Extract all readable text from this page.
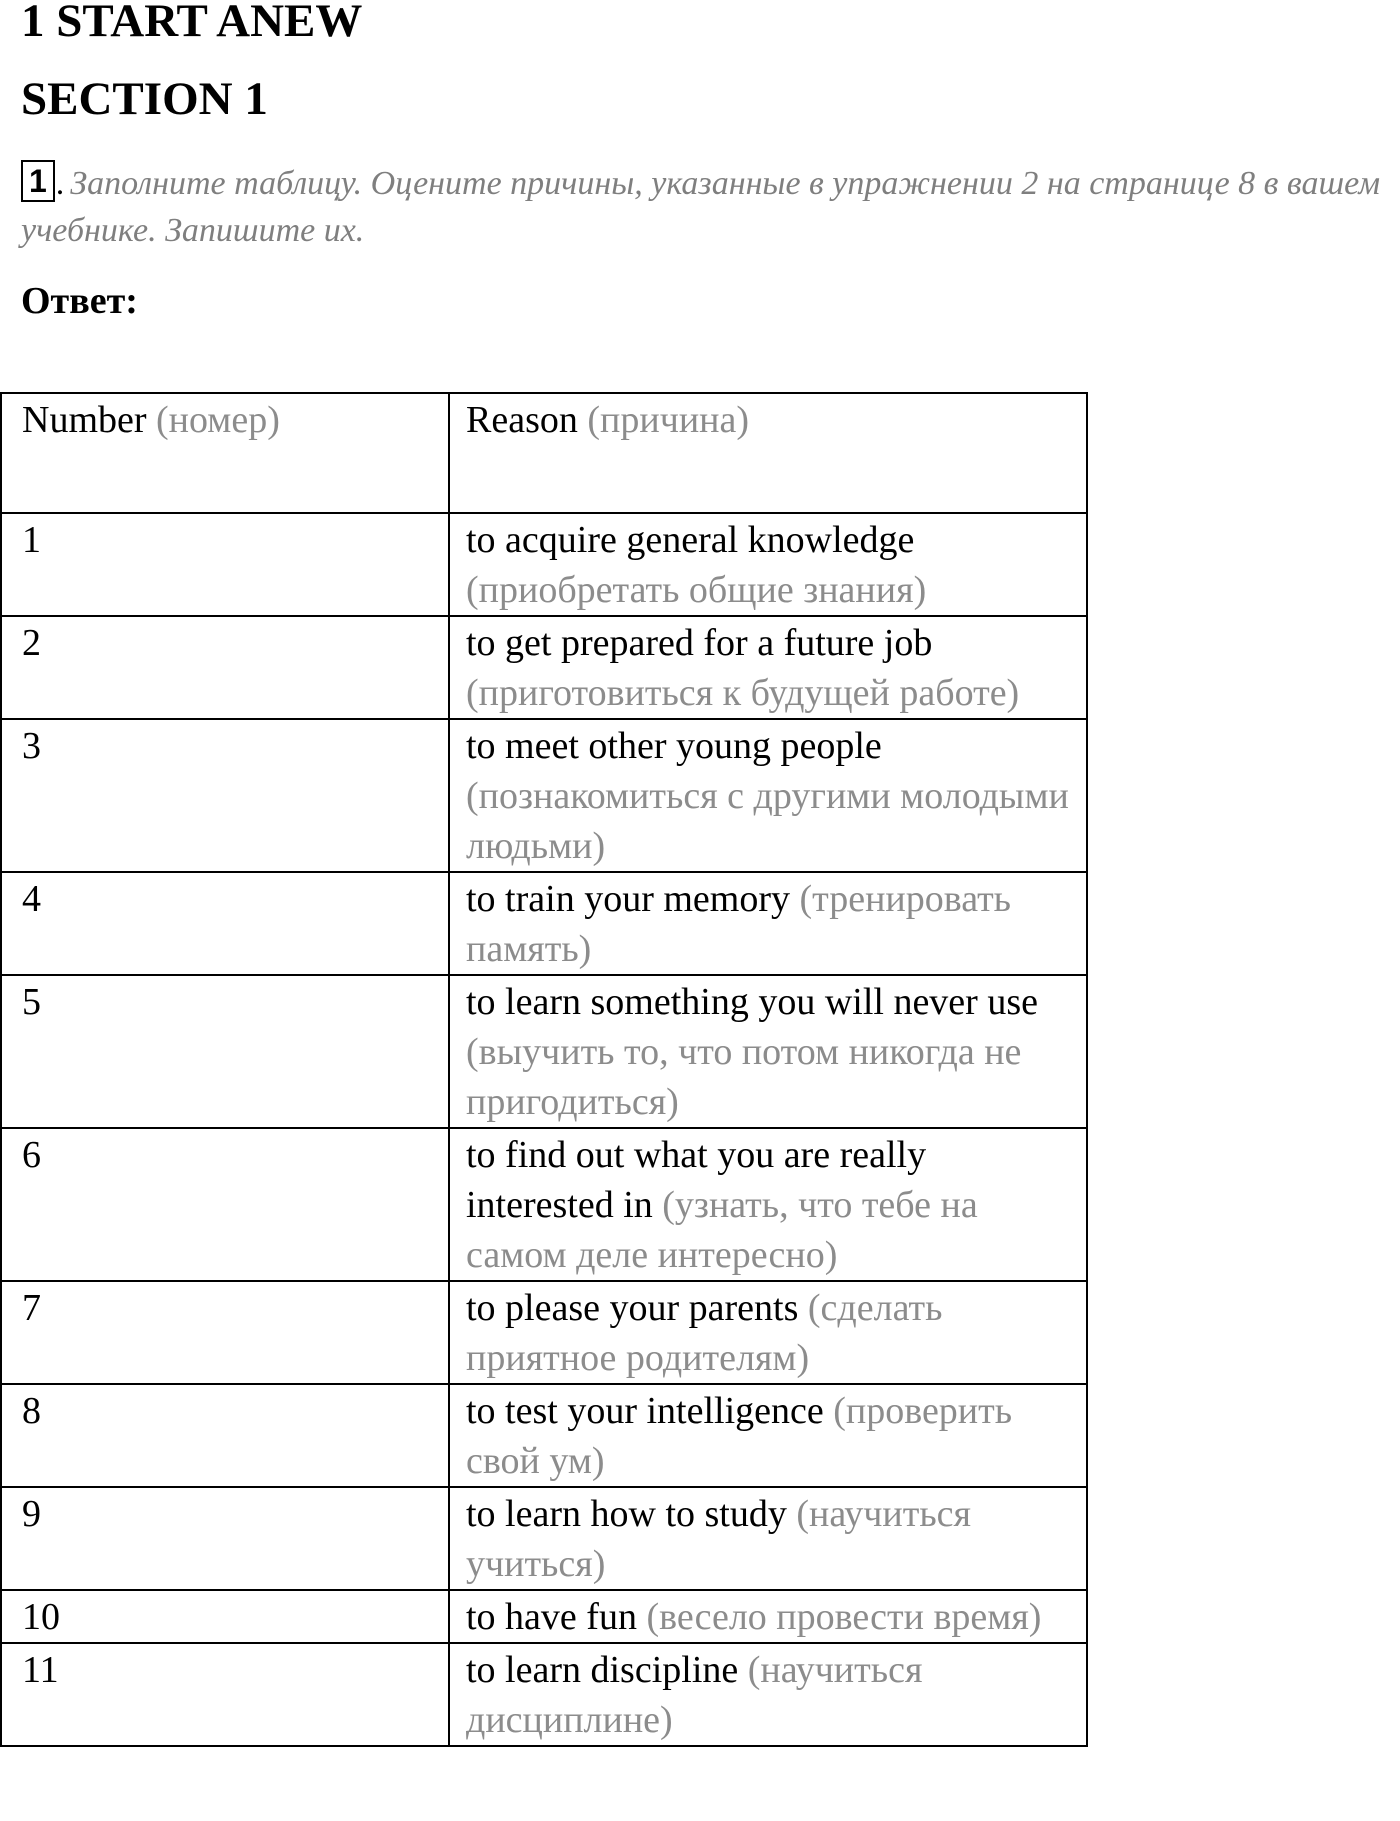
1 START ANEW
SECTION 1
1 . Заполните таблицу. Оцените причины, указанные в упражнении 2 на странице 8 в вашем учебнике. Запишите их.
Ответ:
Number (номер)	Reason (причина)
1	to acquire general knowledge (приобретать общие знания)
2	to get prepared for a future job (приготовиться к будущей работе)
3	to meet other young people (познакомиться с другими молодыми людьми)
4	to train your memory (тренировать память)
5	to learn something you will never use (выучить то, что потом никогда не пригодиться)
6	to find out what you are really interested in (узнать, что тебе на самом деле интересно)
7	to please your parents (сделать приятное родителям)
8	to test your intelligence (проверить свой ум)
9	to learn how to study (научиться учиться)
10	to have fun (весело провести время)
11	to learn discipline (научиться дисциплине)
